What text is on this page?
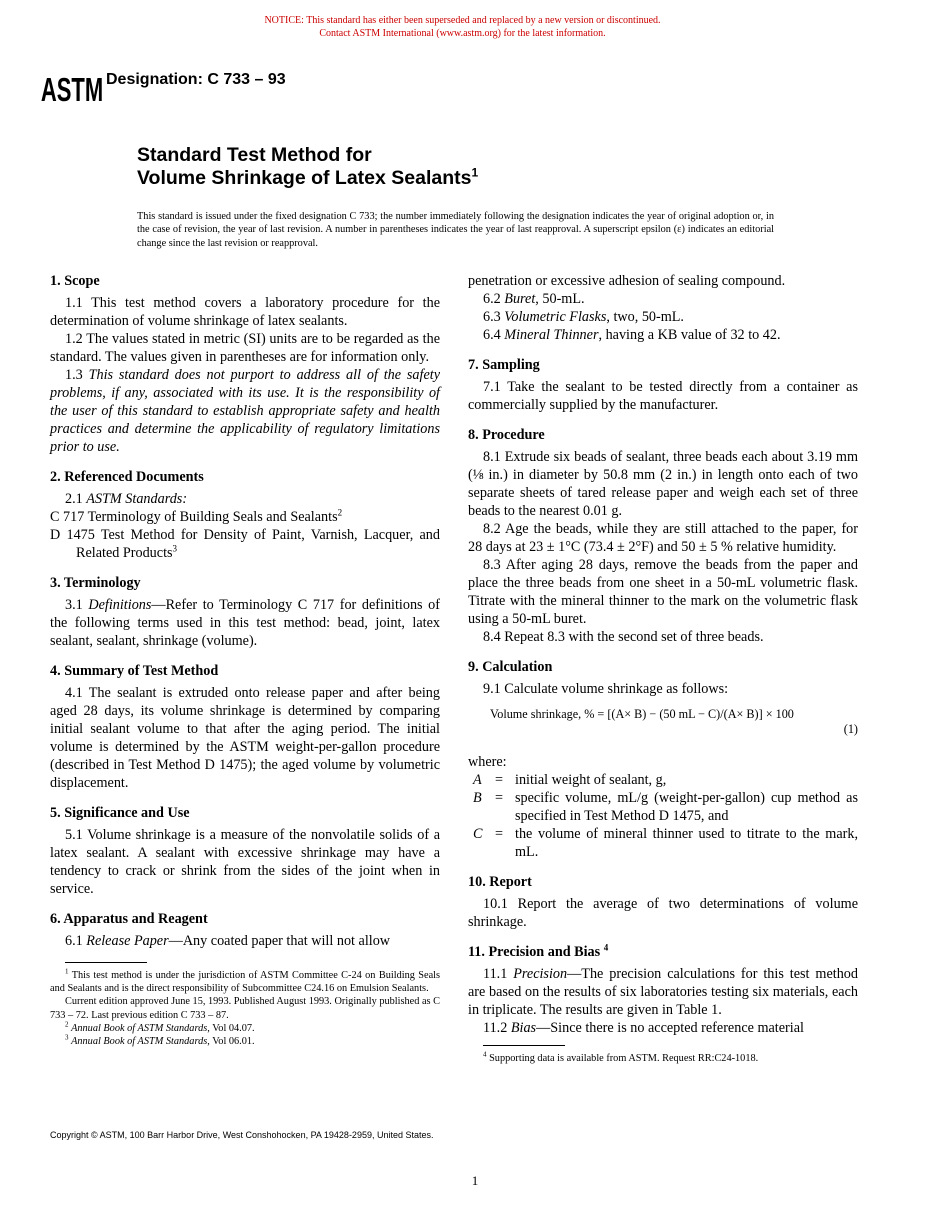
NOTICE: This standard has either been superseded and replaced by a new version or discontinued.
Contact ASTM International (www.astm.org) for the latest information.
ASTM Designation: C 733 – 93
Standard Test Method for
Volume Shrinkage of Latex Sealants$^1$
This standard is issued under the fixed designation C 733; the number immediately following the designation indicates the year of original adoption or, in the case of revision, the year of last revision. A number in parentheses indicates the year of last reapproval. A superscript epsilon (ε) indicates an editorial change since the last revision or reapproval.
1. Scope

1.1 This test method covers a laboratory procedure for the determination of volume shrinkage of latex sealants.

1.2 The values stated in metric (SI) units are to be regarded as the standard. The values given in parentheses are for information only.

1.3 This standard does not purport to address all of the safety problems, if any, associated with its use. It is the responsibility of the user of this standard to establish appropriate safety and health practices and determine the applicability of regulatory limitations prior to use.

2. Referenced Documents

2.1 ASTM Standards:

C 717 Terminology of Building Seals and Sealants$^2$

D 1475 Test Method for Density of Paint, Varnish, Lacquer, and Related Products$^3$

3. Terminology

3.1 Definitions—Refer to Terminology C 717 for definitions of the following terms used in this test method: bead, joint, latex sealant, sealant, shrinkage (volume).

4. Summary of Test Method

4.1 The sealant is extruded onto release paper and after being aged 28 days, its volume shrinkage is determined by comparing initial sealant volume to that after the aging period. The initial volume is determined by the ASTM weight-per-gallon procedure (described in Test Method D 1475); the aged volume by volumetric displacement.

5. Significance and Use

5.1 Volume shrinkage is a measure of the nonvolatile solids of a latex sealant. A sealant with excessive shrinkage may have a tendency to crack or shrink from the sides of the joint when in service.

6. Apparatus and Reagent

6.1 Release Paper—Any coated paper that will not allow

$^1$ This test method is under the jurisdiction of ASTM Committee C-24 on Building Seals and Sealants and is the direct responsibility of Subcommittee C24.16 on Emulsion Sealants.

Current edition approved June 15, 1993. Published August 1993. Originally published as C 733 – 72. Last previous edition C 733 – 87.

$^2$ Annual Book of ASTM Standards, Vol 04.07.

$^3$ Annual Book of ASTM Standards, Vol 06.01.

penetration or excessive adhesion of sealing compound.

6.2 Buret, 50-mL.

6.3 Volumetric Flasks, two, 50-mL.

6.4 Mineral Thinner, having a KB value of 32 to 42.

7. Sampling

7.1 Take the sealant to be tested directly from a container as commercially supplied by the manufacturer.

8. Procedure

8.1 Extrude six beads of sealant, three beads each about 3.19 mm (⅛ in.) in diameter by 50.8 mm (2 in.) in length onto each of two separate sheets of tared release paper and weigh each set of three beads to the nearest 0.01 g.

8.2 Age the beads, while they are still attached to the paper, for 28 days at 23 ± 1°C (73.4 ± 2°F) and 50 ± 5 % relative humidity.

8.3 After aging 28 days, remove the beads from the paper and place the three beads from one sheet in a 50-mL volumetric flask. Titrate with the mineral thinner to the mark on the volumetric flask using a 50-mL buret.

8.4 Repeat 8.3 with the second set of three beads.

9. Calculation

9.1 Calculate volume shrinkage as follows:

Volume shrinkage, % = [(A× B) − (50 mL − C)/(A× B)] × 100
(1)
where:
A = initial weight of sealant, g,
B = specific volume, mL/g (weight-per-gallon) cup method as specified in Test Method D 1475, and
C = the volume of mineral thinner used to titrate to the mark, mL.
10. Report

10.1 Report the average of two determinations of volume shrinkage.

11. Precision and Bias $^4$

11.1 Precision—The precision calculations for this test method are based on the results of six laboratories testing six materials, each in triplicate. The results are given in Table 1.

11.2 Bias—Since there is no accepted reference material

$^4$ Supporting data is available from ASTM. Request RR:C24-1018.

Copyright © ASTM, 100 Barr Harbor Drive, West Conshohocken, PA 19428-2959, United States.
1
